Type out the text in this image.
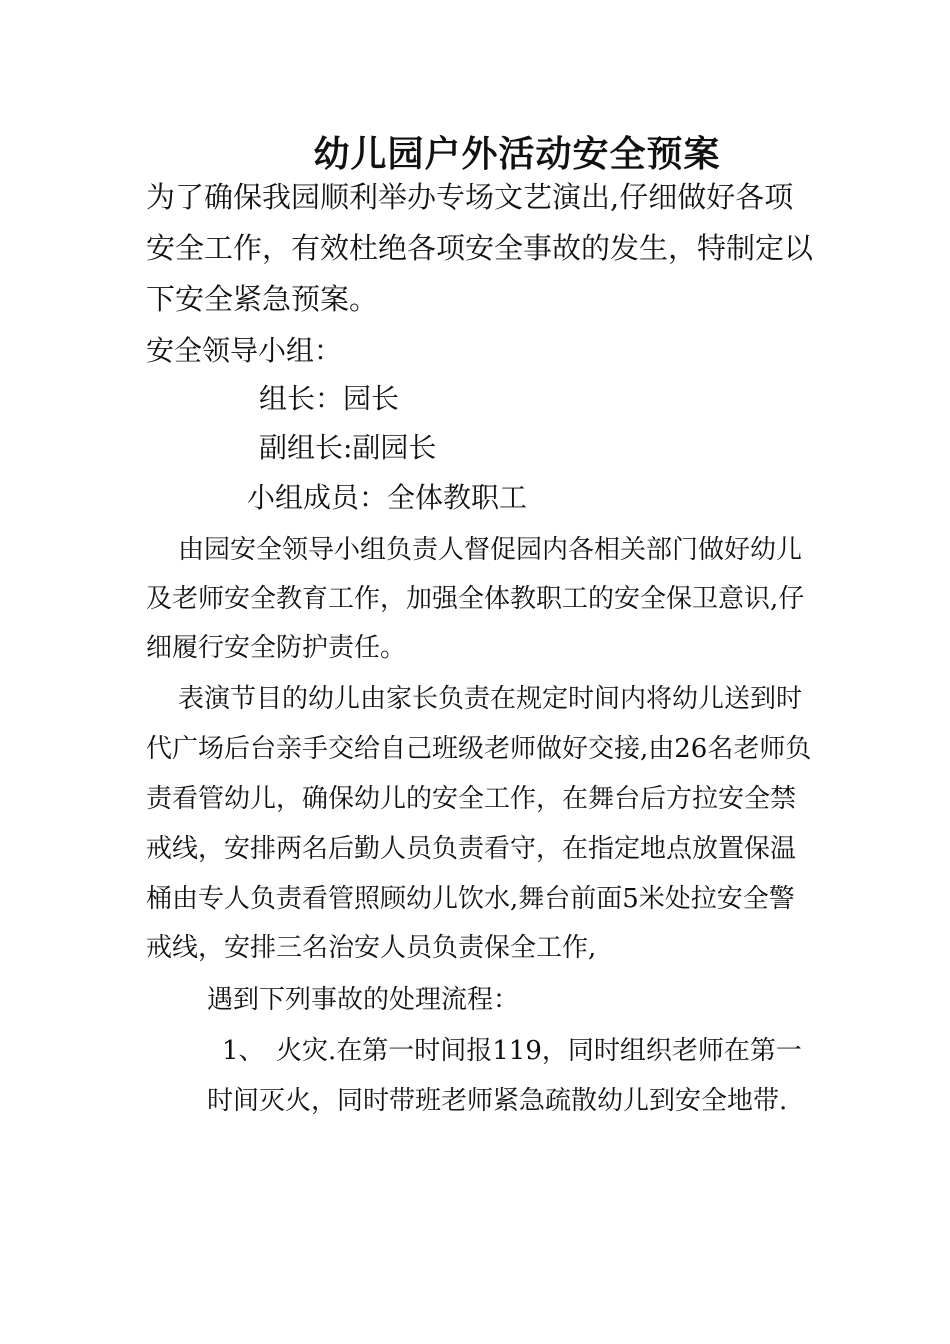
幼儿园户外活动安全预案
为了确保我园顺利举办专场文艺演出,仔细做好各项
安全工作，有效杜绝各项安全事故的发生，特制定以
下安全紧急预案。
安全领导小组：
组长：园长
副组长:副园长
小组成员：全体教职工
由园安全领导小组负责人督促园内各相关部门做好幼儿
及老师安全教育工作，加强全体教职工的安全保卫意识,仔
细履行安全防护责任。
表演节目的幼儿由家长负责在规定时间内将幼儿送到时
代广场后台亲手交给自己班级老师做好交接,由26名老师负
责看管幼儿，确保幼儿的安全工作，在舞台后方拉安全禁
戒线，安排两名后勤人员负责看守，在指定地点放置保温
桶由专人负责看管照顾幼儿饮水,舞台前面5米处拉安全警
戒线，安排三名治安人员负责保全工作,
遇到下列事故的处理流程：
1、 火灾.在第一时间报119，同时组织老师在第一
时间灭火，同时带班老师紧急疏散幼儿到安全地带.
